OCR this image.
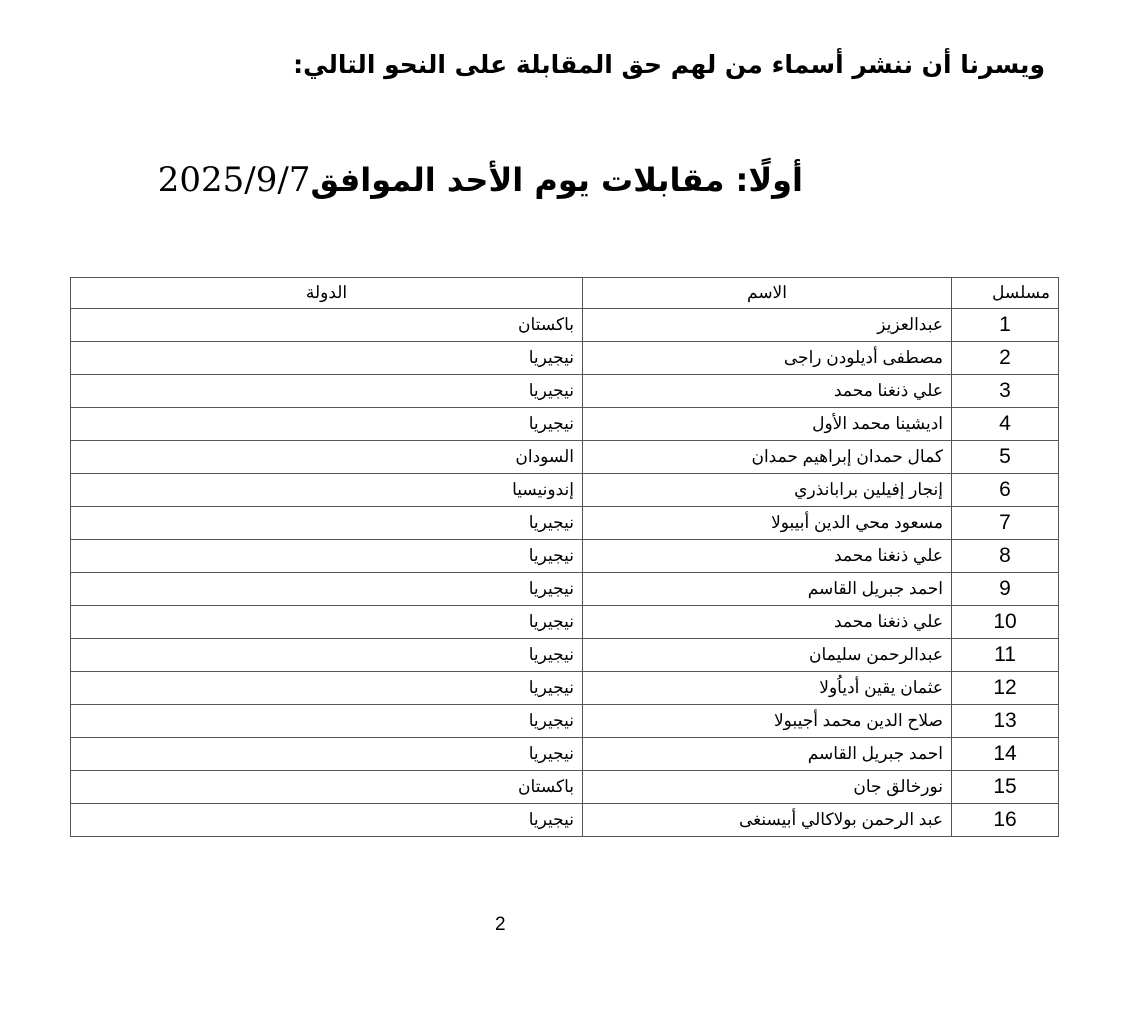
ويسرنا أن ننشر أسماء من لهم حق المقابلة على النحو التالي:
أولًا: مقابلات يوم الأحد الموافق2025/9/7
مسلسل	الاسم	الدولة
1	عبدالعزيز	باكستان
2	مصطفى أديلودن راجى	نيجيريا
3	علي ذنغنا محمد	نيجيريا
4	اديشينا محمد الأول	نيجيريا
5	كمال حمدان إبراهيم حمدان	السودان
6	إنجار إفيلين برابانذري	إندونيسيا
7	مسعود محي الدين أبيبولا	نيجيريا
8	علي ذنغنا محمد	نيجيريا
9	احمد جبريل القاسم	نيجيريا
10	علي ذنغنا محمد	نيجيريا
11	عبدالرحمن سليمان	نيجيريا
12	عثمان يقين أدياُولا	نيجيريا
13	صلاح الدين محمد أجيبولا	نيجيريا
14	احمد جبريل القاسم	نيجيريا
15	نورخالق جان	باكستان
16	عبد الرحمن بولاكالي أبيسنغى	نيجيريا
2
